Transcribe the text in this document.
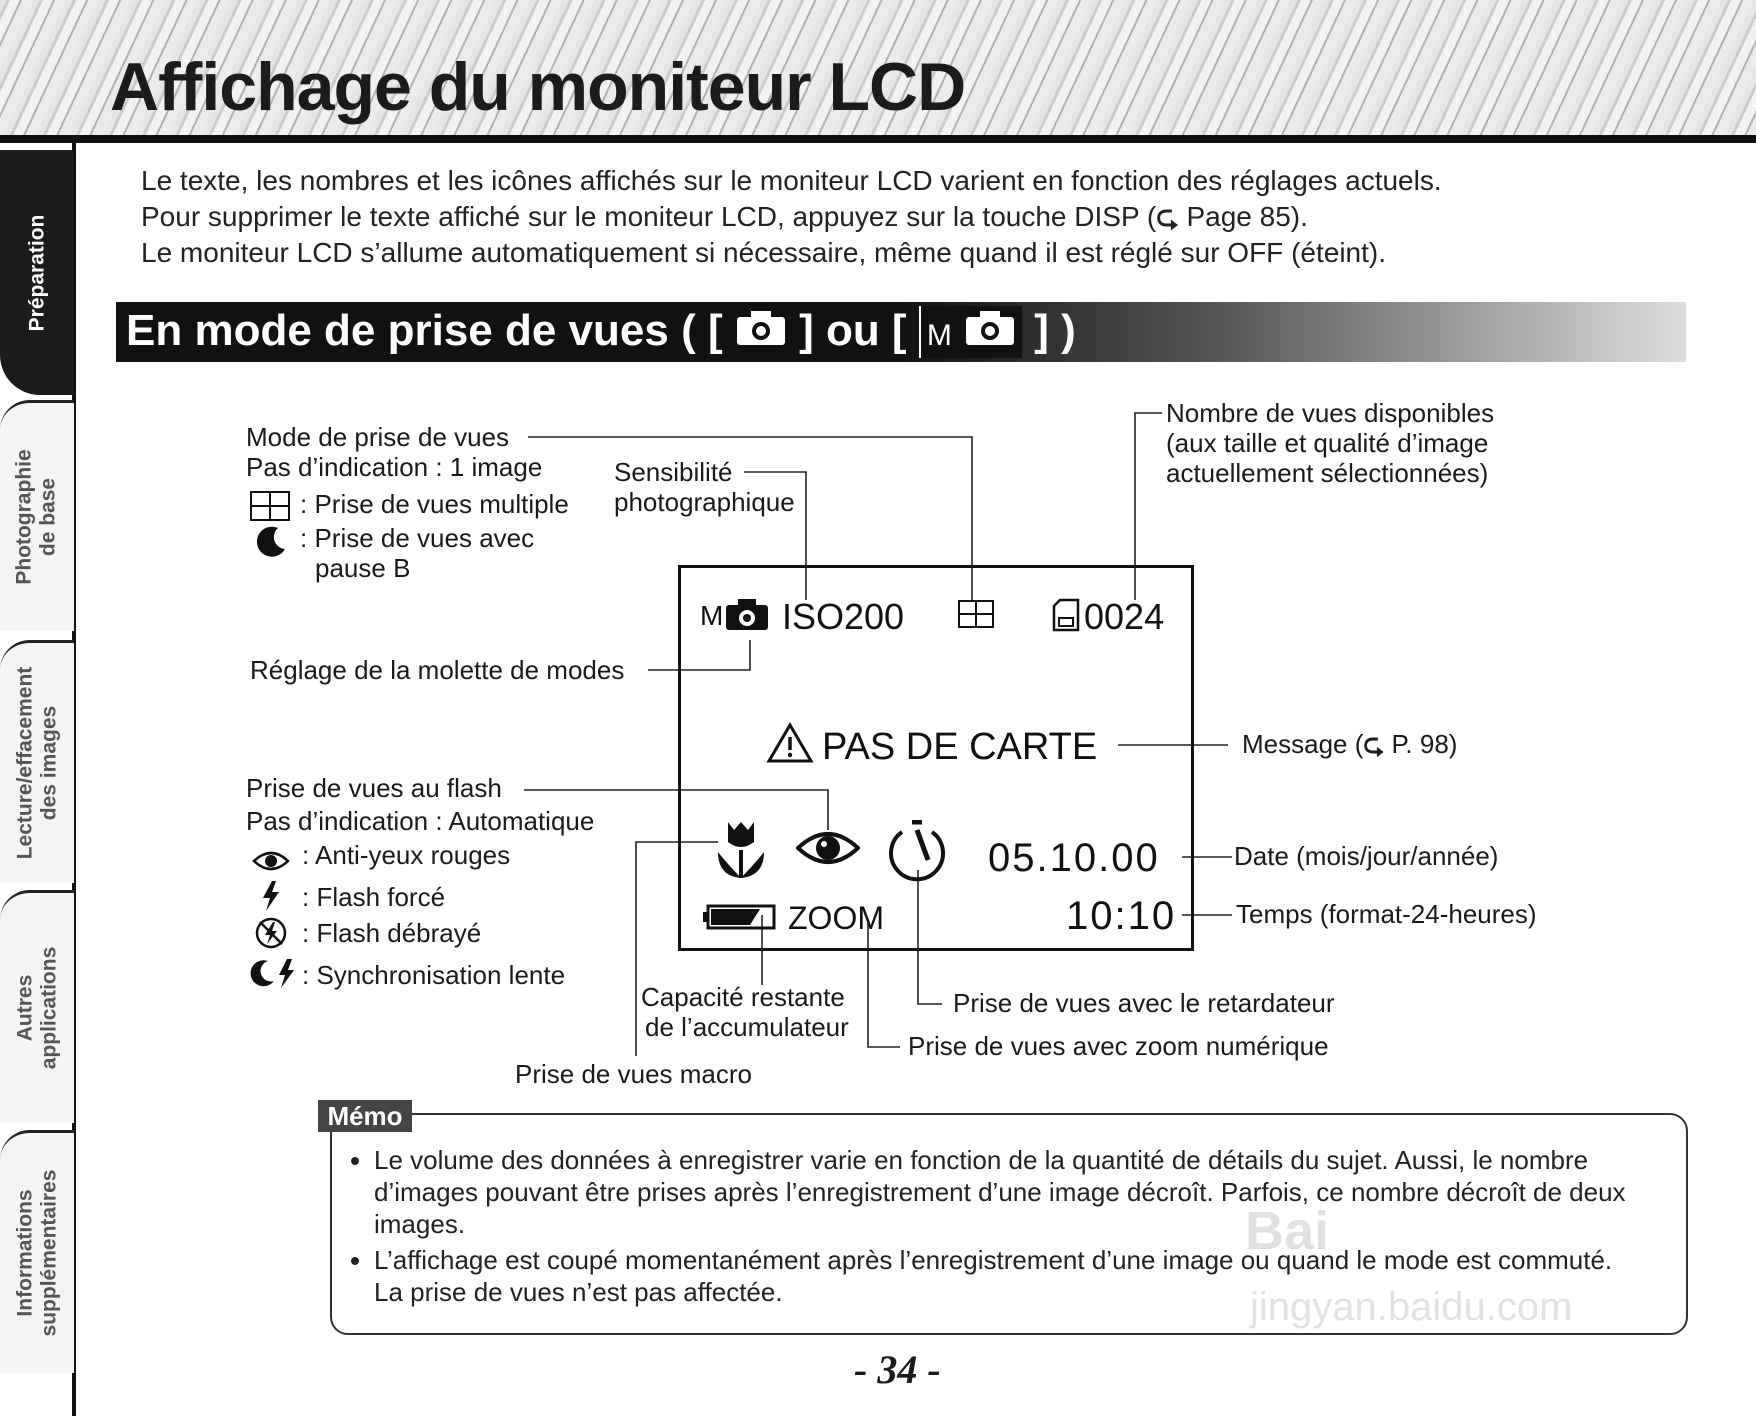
Affichage du moniteur LCD
Préparation
Photographie de base
Lecture/effacement des images
Autres applications
Informations supplémentaires
Le texte, les nombres et les icônes affichés sur le moniteur LCD varient en fonction des réglages actuels.
Pour supprimer le texte affiché sur le moniteur LCD, appuyez sur la touche DISP (⮎ Page 85).
Le moniteur LCD s’allume automatiquement si nécessaire, même quand il est réglé sur OFF (éteint).
En mode de prise de vues ( [ ] ou [ M ] )
M ISO200	0024
PAS DE CARTE
05.10.00
ZOOM	10:10
Mode de prise de vues
Pas d’indication : 1 image
: Prise de vues multiple
: Prise de vues avec
pause B
Sensibilité
photographique
Nombre de vues disponibles
(aux taille et qualité d’image
actuellement sélectionnées)
Réglage de la molette de modes
Message (⮎ P. 98)
Prise de vues au flash
Pas d’indication : Automatique
: Anti-yeux rouges
: Flash forcé
: Flash débrayé
: Synchronisation lente
Date (mois/jour/année)
Temps (format-24-heures)
Capacité restante
de l’accumulateur
Prise de vues avec le retardateur
Prise de vues avec zoom numérique
Prise de vues macro
Mémo
• Le volume des données à enregistrer varie en fonction de la quantité de détails du sujet. Aussi, le nombre d’images pouvant être prises après l’enregistrement d’une image décroît. Parfois, ce nombre décroît de deux images.
• L’affichage est coupé momentanément après l’enregistrement d’une image ou quand le mode est commuté. La prise de vues n’est pas affectée.
Bai
jingyan.baidu.com
- 34 -
